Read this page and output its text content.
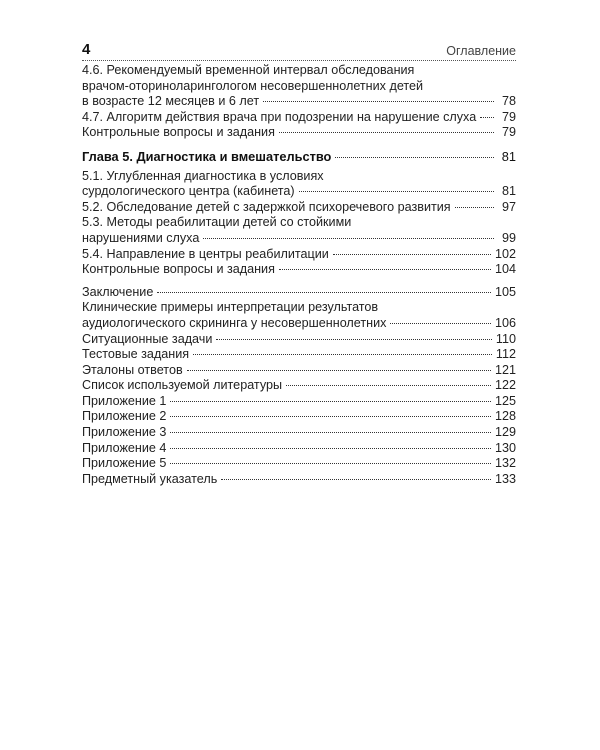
4	Оглавление
4.6. Рекомендуемый временной интервал обследования
врачом-оториноларингологом несовершеннолетних детей
в возрасте 12 месяцев и 6 лет	78
4.7. Алгоритм действия врача при подозрении на нарушение слуха	79
Контрольные вопросы и задания	79
Глава 5. Диагностика и вмешательство	81
5.1. Углубленная диагностика в условиях
сурдологического центра (кабинета)	81
5.2. Обследование детей с задержкой психоречевого развития	97
5.3. Методы реабилитации детей со стойкими
нарушениями слуха	99
5.4. Направление в центры реабилитации	102
Контрольные вопросы и задания	104
Заключение	105
Клинические примеры интерпретации результатов
аудиологического скрининга у несовершеннолетних	106
Ситуационные задачи	110
Тестовые задания	112
Эталоны ответов	121
Список используемой литературы	122
Приложение 1	125
Приложение 2	128
Приложение 3	129
Приложение 4	130
Приложение 5	132
Предметный указатель	133
